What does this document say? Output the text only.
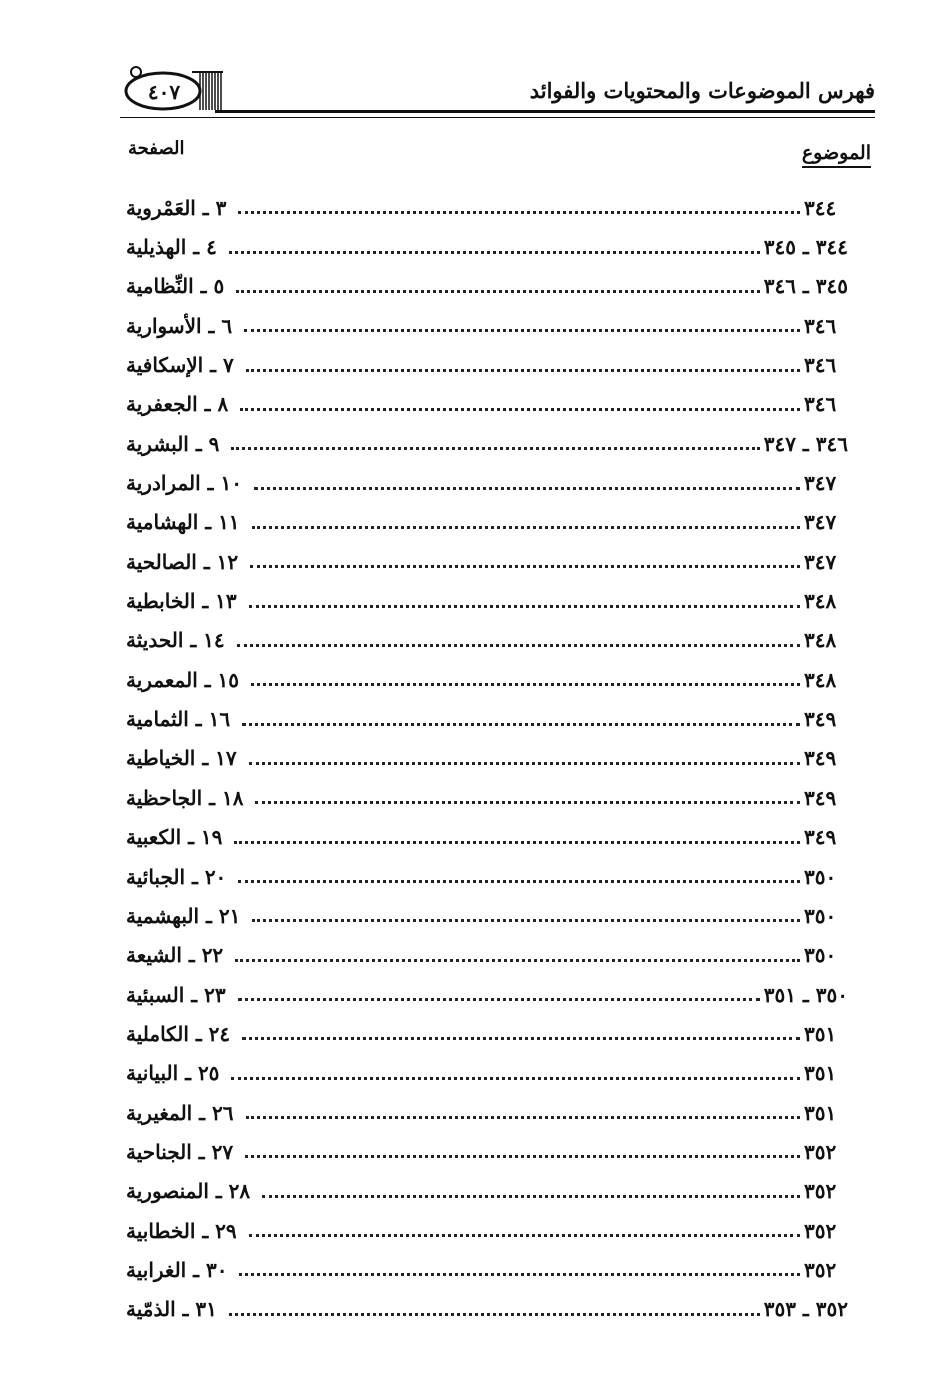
فهرس الموضوعات والمحتويات والفوائد
٤٠٧
الموضوع
الصفحة
٣ ـ العَمْروية	٣٤٤
٤ ـ الهذيلية	٣٤٤ ـ ٣٤٥
٥ ـ النِّظامية	٣٤٥ ـ ٣٤٦
٦ ـ الأسوارية	٣٤٦
٧ ـ الإسكافية	٣٤٦
٨ ـ الجعفرية	٣٤٦
٩ ـ البشرية	٣٤٦ ـ ٣٤٧
١٠ ـ المرادرية	٣٤٧
١١ ـ الهشامية	٣٤٧
١٢ ـ الصالحية	٣٤٧
١٣ ـ الخابطية	٣٤٨
١٤ ـ الحديثة	٣٤٨
١٥ ـ المعمرية	٣٤٨
١٦ ـ الثمامية	٣٤٩
١٧ ـ الخياطية	٣٤٩
١٨ ـ الجاحظية	٣٤٩
١٩ ـ الكعبية	٣٤٩
٢٠ ـ الجبائية	٣٥٠
٢١ ـ البهشمية	٣٥٠
٢٢ ـ الشيعة	٣٥٠
٢٣ ـ السبئية	٣٥٠ ـ ٣٥١
٢٤ ـ الكاملية	٣٥١
٢٥ ـ البيانية	٣٥١
٢٦ ـ المغيرية	٣٥١
٢٧ ـ الجناحية	٣٥٢
٢٨ ـ المنصورية	٣٥٢
٢٩ ـ الخطابية	٣٥٢
٣٠ ـ الغرابية	٣٥٢
٣١ ـ الذمّية	٣٥٢ ـ ٣٥٣
